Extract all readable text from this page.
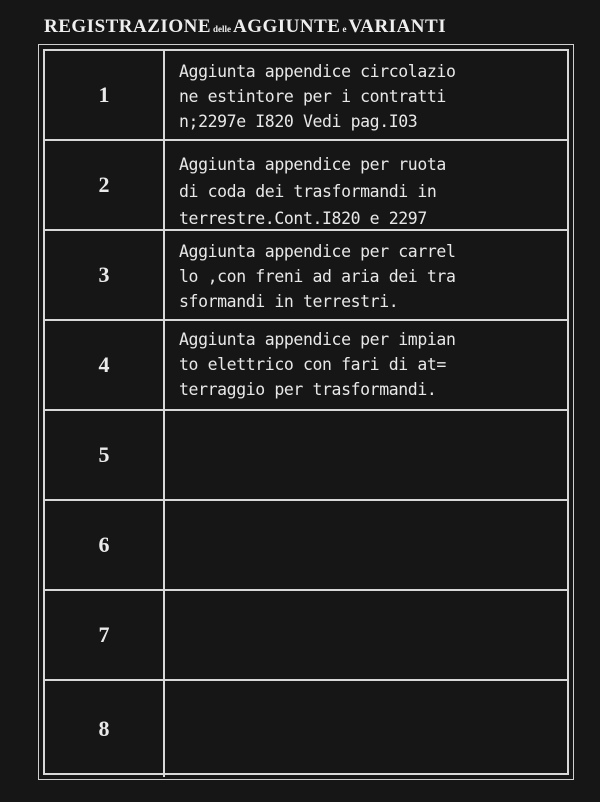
REGISTRAZIONE delle AGGIUNTE e VARIANTI
1
Aggiunta appendice circolazio
ne estintore per i contratti
n;2297e I820 Vedi pag.I03
2
Aggiunta appendice per ruota
di coda dei trasformandi in
terrestre.Cont.I820 e 2297
3
Aggiunta appendice per carrel
lo ,con freni ad aria dei tra
sformandi in terrestri.
4
Aggiunta appendice per impian
to elettrico con fari di at=
terraggio per trasformandi.
5
6
7
8
